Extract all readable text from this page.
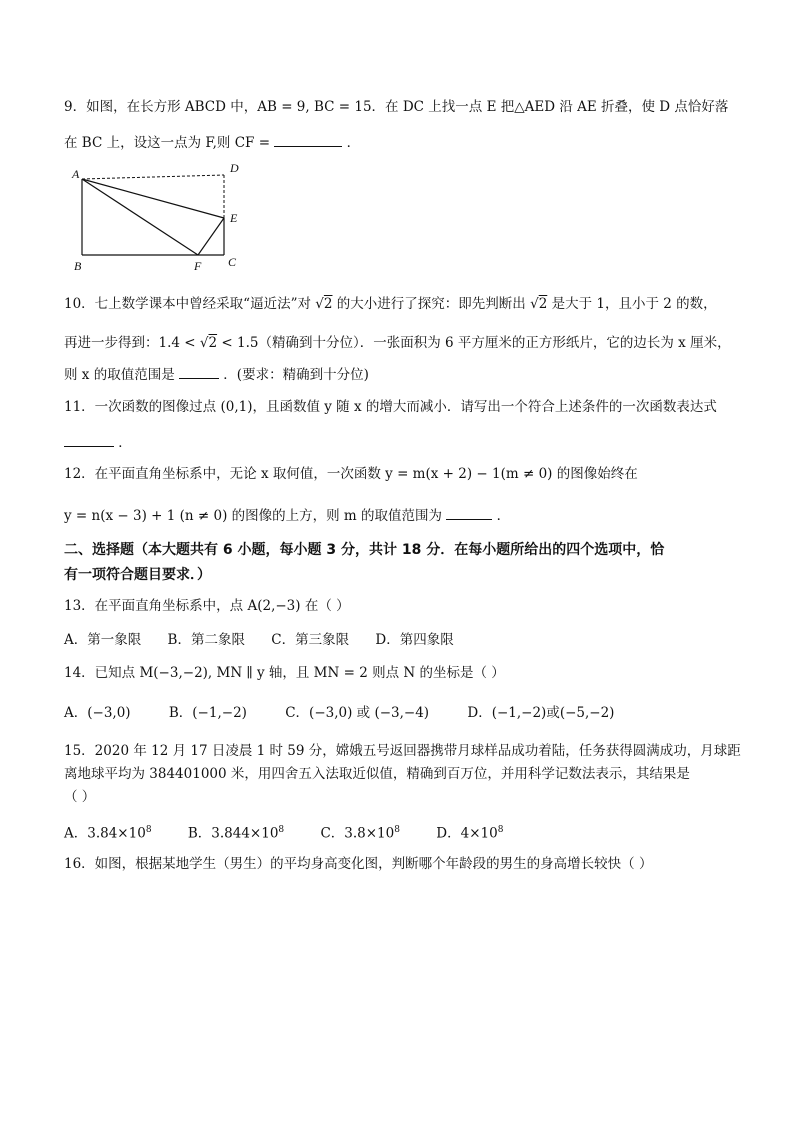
9．如图，在长方形 ABCD 中，AB = 9, BC = 15．在 DC 上找一点 E 把△AED 沿 AE 折叠，使 D 点恰好落
在 BC 上，设这一点为 F,则 CF =	．
A	D
E
B	F C
10．七上数学课本中曾经采取“逼近法”对 √2 的大小进行了探究：即先判断出 √2 是大于 1，且小于 2 的数，
再进一步得到：1.4 < √2 < 1.5（精确到十分位）．一张面积为 6 平方厘米的正方形纸片，它的边长为 x 厘米，
则 x 的取值范围是	．(要求：精确到十分位)
11．一次函数的图像过点 (0,1)，且函数值 y 随 x 的增大而减小．请写出一个符合上述条件的一次函数表达式
．
12．在平面直角坐标系中，无论 x 取何值，一次函数 y = m(x + 2) − 1(m ≠ 0) 的图像始终在
y = n(x − 3) + 1 (n ≠ 0) 的图像的上方，则 m 的取值范围为	．
二、选择题（本大题共有 6 小题，每小题 3 分，共计 18 分．在每小题所给出的四个选项中，恰
有一项符合题目要求．）
13．在平面直角坐标系中，点 A(2,−3) 在（ ）
A．第一象限 B．第二象限 C．第三象限 D．第四象限
14．已知点 M(−3,−2), MN ∥ y 轴，且 MN = 2 则点 N 的坐标是（ ）
A．(−3,0)	B．(−1,−2)	C．(−3,0) 或 (−3,−4)	D．(−1,−2)或(−5,−2)
15．2020 年 12 月 17 日凌晨 1 时 59 分，嫦娥五号返回器携带月球样品成功着陆，任务获得圆满成功，月球距
离地球平均为 384401000 米，用四舍五入法取近似值，精确到百万位，并用科学记数法表示，其结果是
（ ）
A．$3.84\times 10^8$	B．$3.844\times 10^8$	C．$3.8\times 10^8$	D．$4\times 10^8$
16．如图，根据某地学生（男生）的平均身高变化图，判断哪个年龄段的男生的身高增长较快（ ）
